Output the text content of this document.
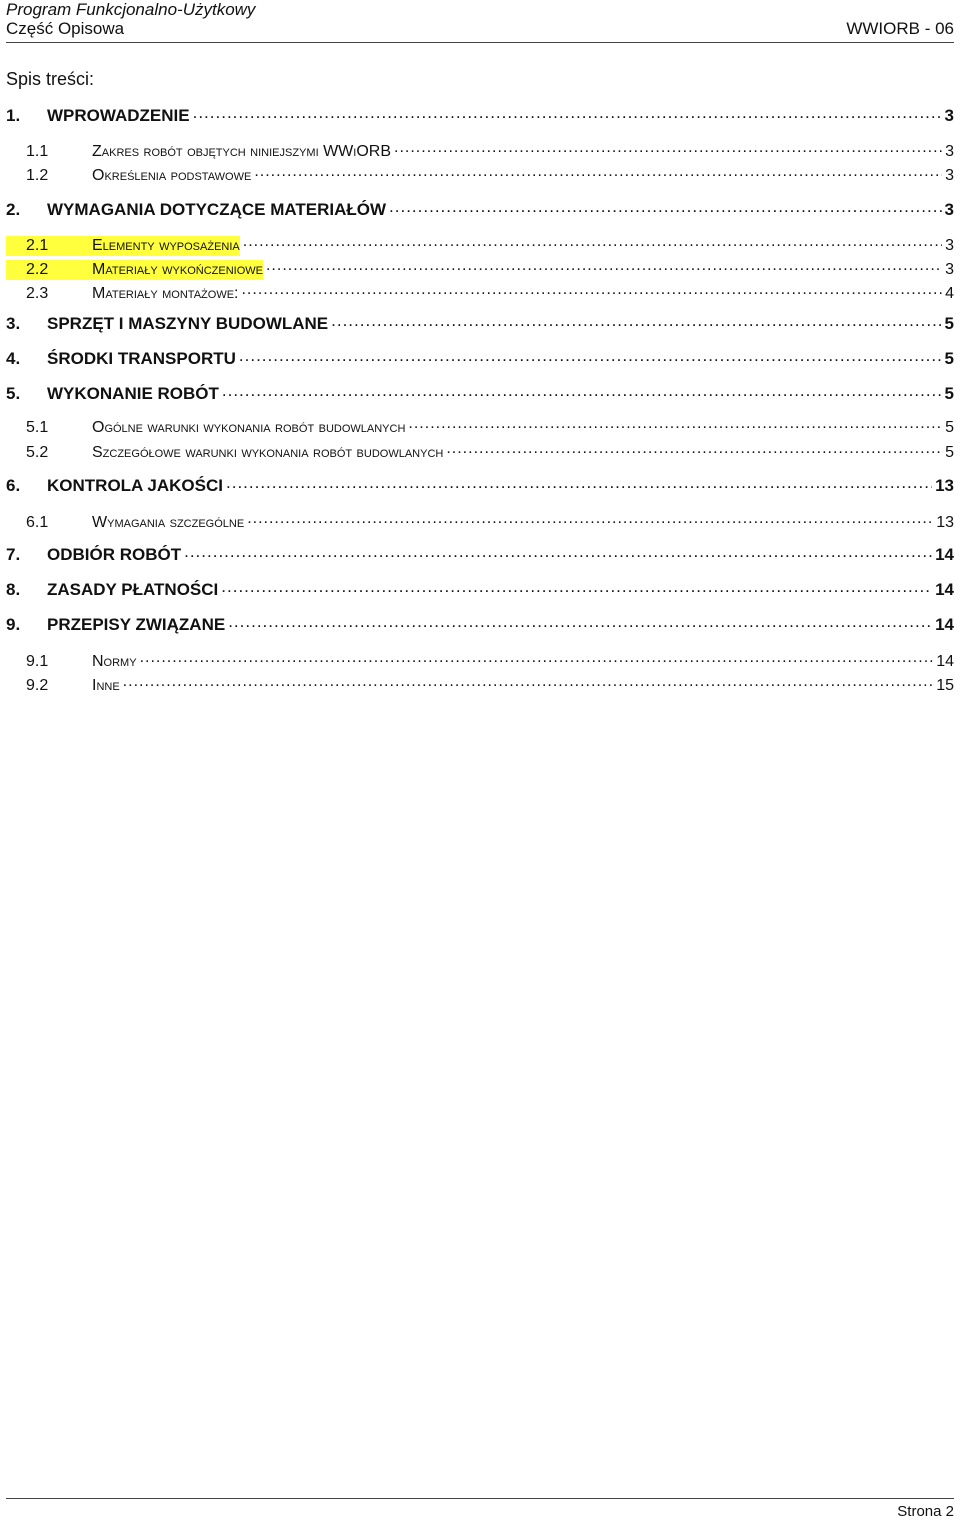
Program Funkcjonalno-Użytkowy
Część Opisowa	WWIORB - 06
Spis treści:
1.	WPROWADZENIE .....	3
1.1	Zakres robót objętych niniejszymi WWiORB .....	3
1.2	Określenia podstawowe .....	3
2.	WYMAGANIA DOTYCZĄCE MATERIAŁÓW .....	3
2.1	Elementy wyposażenia .....	3
2.2	Materiały wykończeniowe .....	3
2.3	Materiały montażowe: .....	4
3.	SPRZĘT I MASZYNY BUDOWLANE .....	5
4.	ŚRODKI TRANSPORTU .....	5
5.	WYKONANIE ROBÓT .....	5
5.1	Ogólne warunki wykonania robót budowlanych .....	5
5.2	Szczegółowe warunki wykonania robót budowlanych .....	5
6.	KONTROLA JAKOŚCI .....	13
6.1	Wymagania szczególne .....	13
7.	ODBIÓR ROBÓT .....	14
8.	ZASADY PŁATNOŚCI .....	14
9.	PRZEPISY ZWIĄZANE .....	14
9.1	Normy .....	14
9.2	Inne .....	15
Strona 2
